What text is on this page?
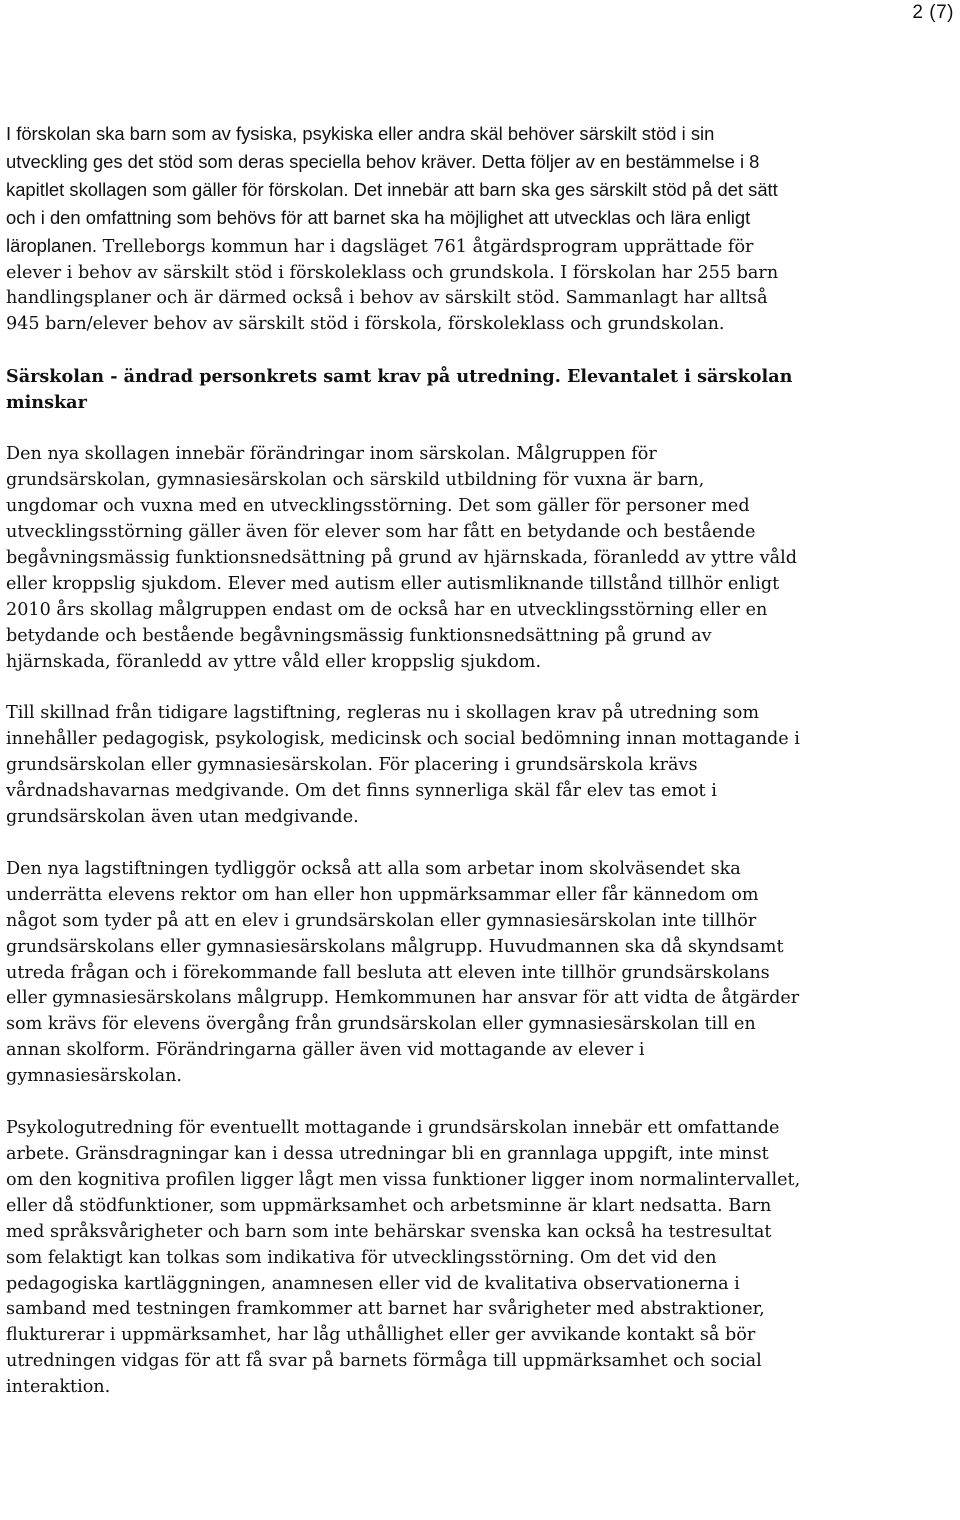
2 (7)

I förskolan ska barn som av fysiska, psykiska eller andra skäl behöver särskilt stöd i sin utveckling ges det stöd som deras speciella behov kräver. Detta följer av en bestämmelse i 8 kapitlet skollagen som gäller för förskolan. Det innebär att barn ska ges särskilt stöd på det sätt och i den omfattning som behövs för att barnet ska ha möjlighet att utvecklas och lära enligt läroplanen. Trelleborgs kommun har i dagsläget 761 åtgärdsprogram upprättade för elever i behov av särskilt stöd i förskoleklass och grundskola. I förskolan har 255 barn handlingsplaner och är därmed också i behov av särskilt stöd. Sammanlagt har alltså 945 barn/elever behov av särskilt stöd i förskola, förskoleklass och grundskolan.

Särskolan - ändrad personkrets samt krav på utredning. Elevantalet i särskolan minskar

Den nya skollagen innebär förändringar inom särskolan. Målgruppen för grundsärskolan, gymnasiesärskolan och särskild utbildning för vuxna är barn, ungdomar och vuxna med en utvecklingsstörning. Det som gäller för personer med utvecklingsstörning gäller även för elever som har fått en betydande och bestående begåvningsmässig funktionsnedsättning på grund av hjärnskada, föranledd av yttre våld eller kroppslig sjukdom. Elever med autism eller autismliknande tillstånd tillhör enligt 2010 års skollag målgruppen endast om de också har en utvecklingsstörning eller en betydande och bestående begåvningsmässig funktionsnedsättning på grund av hjärnskada, föranledd av yttre våld eller kroppslig sjukdom.

Till skillnad från tidigare lagstiftning, regleras nu i skollagen krav på utredning som innehåller pedagogisk, psykologisk, medicinsk och social bedömning innan mottagande i grundsärskolan eller gymnasiesärskolan. För placering i grundsärskola krävs vårdnadshavarnas medgivande. Om det finns synnerliga skäl får elev tas emot i grundsärskolan även utan medgivande.

Den nya lagstiftningen tydliggör också att alla som arbetar inom skolväsendet ska underrätta elevens rektor om han eller hon uppmärksammar eller får kännedom om något som tyder på att en elev i grundsärskolan eller gymnasiesärskolan inte tillhör grundsärskolans eller gymnasiesärskolans målgrupp. Huvudmannen ska då skyndsamt utreda frågan och i förekommande fall besluta att eleven inte tillhör grundsärskolans eller gymnasiesärskolans målgrupp. Hemkommunen har ansvar för att vidta de åtgärder som krävs för elevens övergång från grundsärskolan eller gymnasiesärskolan till en annan skolform. Förändringarna gäller även vid mottagande av elever i gymnasiesärskolan.

Psykologutredning för eventuellt mottagande i grundsärskolan innebär ett omfattande arbete. Gränsdragningar kan i dessa utredningar bli en grannlaga uppgift, inte minst om den kognitiva profilen ligger lågt men vissa funktioner ligger inom normalintervallet, eller då stödfunktioner, som uppmärksamhet och arbetsminne är klart nedsatta. Barn med språksvårigheter och barn som inte behärskar svenska kan också ha testresultat som felaktigt kan tolkas som indikativa för utvecklingsstörning. Om det vid den pedagogiska kartläggningen, anamnesen eller vid de kvalitativa observationerna i samband med testningen framkommer att barnet har svårigheter med abstraktioner, flukturerar i uppmärksamhet, har låg uthållighet eller ger avvikande kontakt så bör utredningen vidgas för att få svar på barnets förmåga till uppmärksamhet och social interaktion.
